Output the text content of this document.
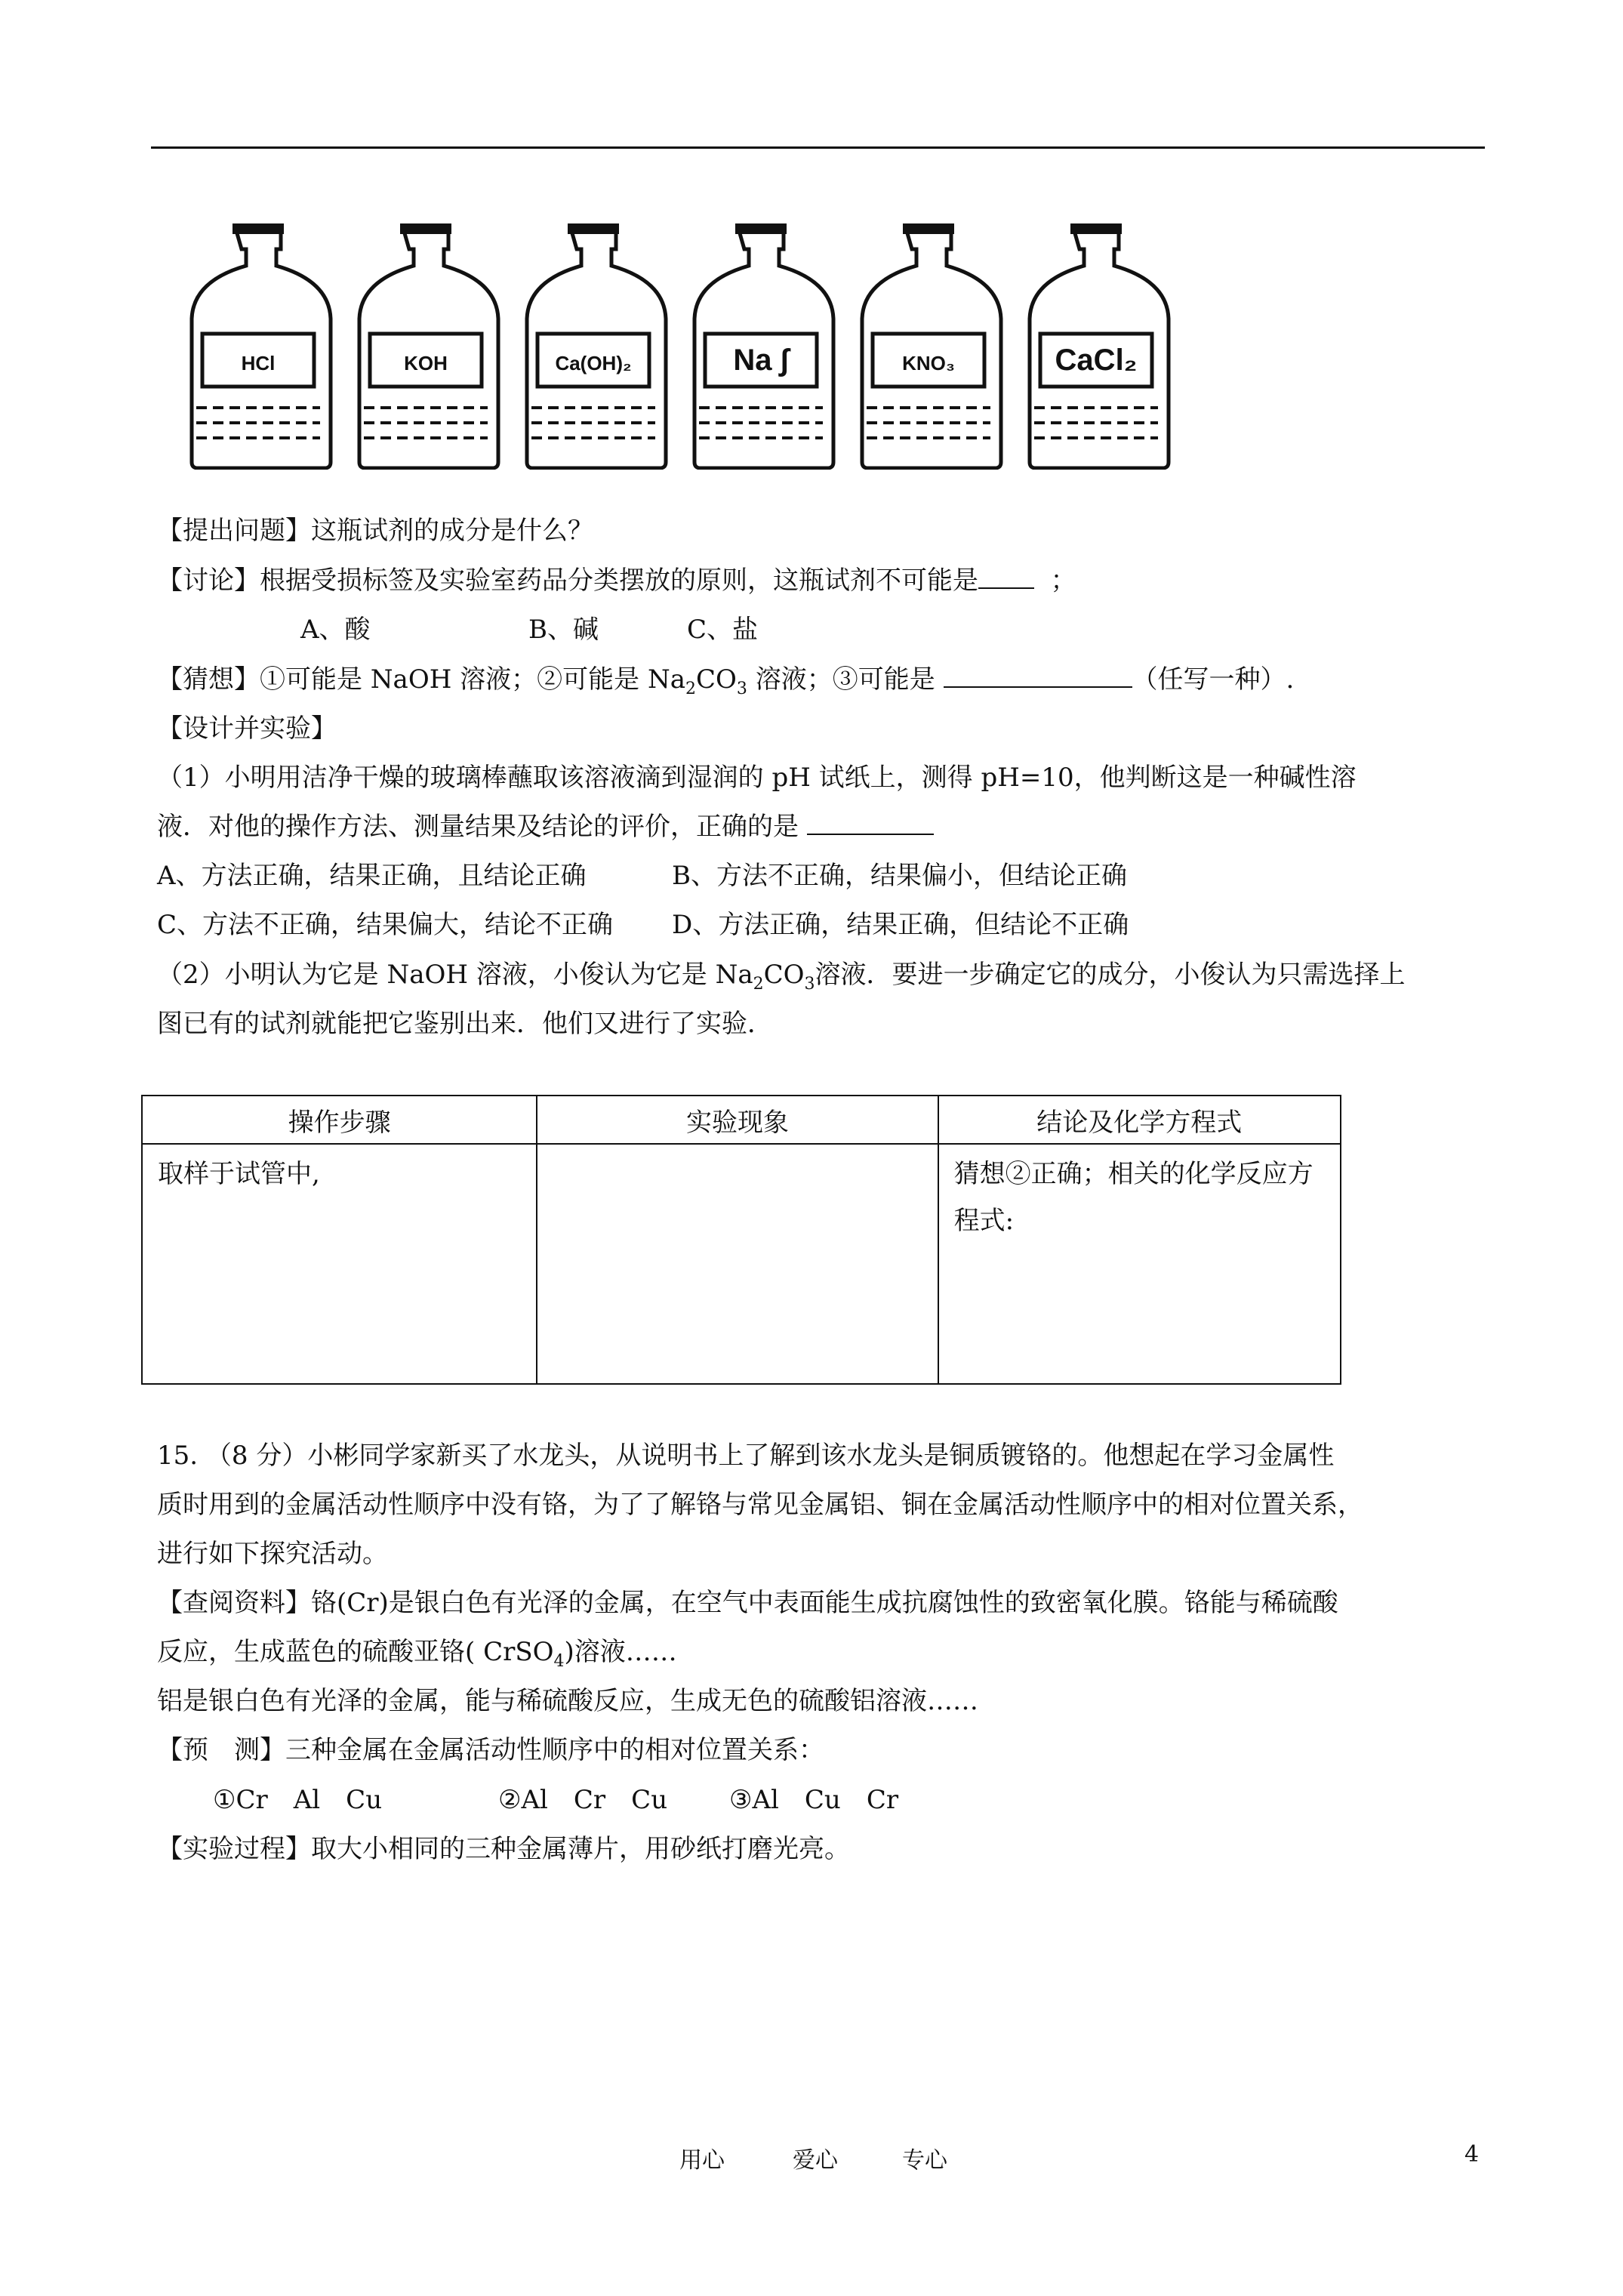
HCl	KOH	Ca(OH)₂	Na ∫	KNO₃	CaCl₂
【提出问题】这瓶试剂的成分是什么？
【讨论】根据受损标签及实验室药品分类摆放的原则，这瓶试剂不可能是	；
A、酸	B、碱	C、盐
【猜想】①可能是 NaOH 溶液；②可能是 $Na_2CO_3$ 溶液；③可能是	（任写一种）.
【设计并实验】
（1）小明用洁净干燥的玻璃棒蘸取该溶液滴到湿润的 pH 试纸上，测得 pH=10，他判断这是一种碱性溶
液．对他的操作方法、测量结果及结论的评价，正确的是
A、方法正确，结果正确，且结论正确	B、方法不正确，结果偏小，但结论正确
C、方法不正确，结果偏大，结论不正确 D、方法正确，结果正确，但结论不正确
（2）小明认为它是 NaOH 溶液，小俊认为它是 $Na_2CO_3$溶液．要进一步确定它的成分，小俊认为只需选择上
图已有的试剂就能把它鉴别出来．他们又进行了实验．
操作步骤	实验现象	结论及化学方程式
取样于试管中,		猜想②正确；相关的化学反应方程式:
15. （8 分）小彬同学家新买了水龙头，从说明书上了解到该水龙头是铜质镀铬的。他想起在学习金属性
质时用到的金属活动性顺序中没有铬，为了了解铬与常见金属铝、铜在金属活动性顺序中的相对位置关系，
进行如下探究活动。
【查阅资料】铬(Cr)是银白色有光泽的金属，在空气中表面能生成抗腐蚀性的致密氧化膜。铬能与稀硫酸
反应，生成蓝色的硫酸亚铬( CrSO$_4$)溶液……
铝是银白色有光泽的金属，能与稀硫酸反应，生成无色的硫酸铝溶液……
【预　测】三种金属在金属活动性顺序中的相对位置关系：
①Cr　Al　Cu	②Al　Cr　Cu ③Al　Cu　Cr
【实验过程】取大小相同的三种金属薄片，用砂纸打磨光亮。
用心	爱心	专心	4
